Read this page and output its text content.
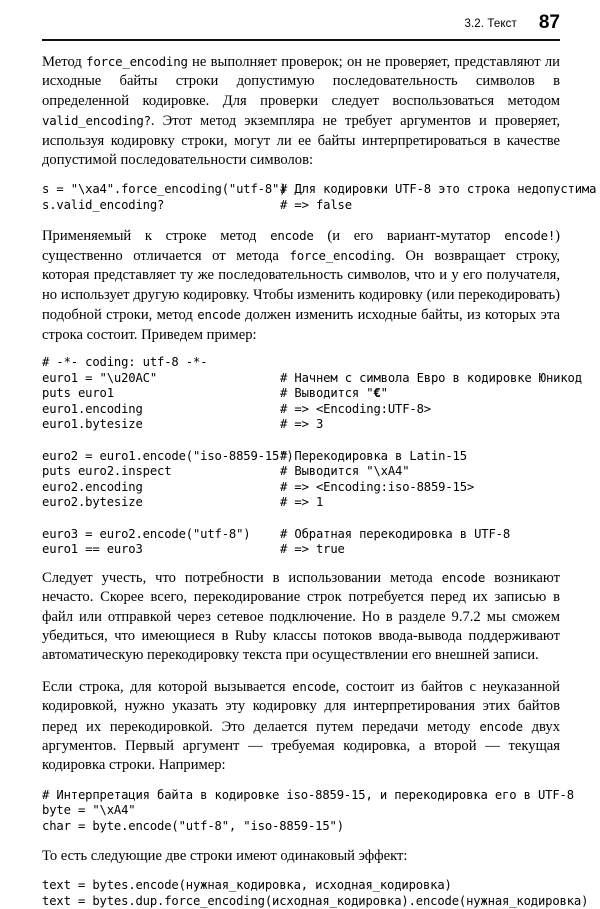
3.2. Текст 87

Метод force_encoding не выполняет проверок; он не проверяет, представляют ли исходные байты строки допустимую последовательность символов в определенной кодировке. Для проверки следует воспользоваться методом valid_encoding?. Этот метод экземпляра не требует аргументов и проверяет, используя кодировку строки, могут ли ее байты интерпретироваться в качестве допустимой последовательности символов:

s = "\xa4".force_encoding("utf-8")
# Для кодировки UTF-8 это строка недопустима
s.valid_encoding?	# => false

Применяемый к строке метод encode (и его вариант-мутатор encode!) существенно отличается от метода force_encoding. Он возвращает строку, которая представляет ту же последовательность символов, что и у его получателя, но использует другую кодировку. Чтобы изменить кодировку (или перекодировать) подобной строки, метод encode должен изменить исходные байты, из которых эта строка состоит. Приведем пример:

# -*- coding: utf-8 -*-
euro1 = "\u20AC"	# Начнем с символа Евро в кодировке Юникод
puts euro1	# Выводится "€"
euro1.encoding	# => <Encoding:UTF-8>
euro1.bytesize	# => 3

euro2 = euro1.encode("iso-8859-15")
# Перекодировка в Latin-15
puts euro2.inspect	# Выводится "\xA4"
euro2.encoding	# => <Encoding:iso-8859-15>
euro2.bytesize	# => 1

euro3 = euro2.encode("utf-8") # Обратная перекодировка в UTF-8
euro1 == euro3	# => true

Следует учесть, что потребности в использовании метода encode возникают нечасто. Скорее всего, перекодирование строк потребуется перед их записью в файл или отправкой через сетевое подключение. Но в разделе 9.7.2 мы сможем убедиться, что имеющиеся в Ruby классы потоков ввода-вывода поддерживают автоматическую перекодировку текста при осуществлении его внешней записи.

Если строка, для которой вызывается encode, состоит из байтов с неуказанной кодировкой, нужно указать эту кодировку для интерпретирования этих байтов перед их перекодировкой. Это делается путем передачи методу encode двух аргументов. Первый аргумент — требуемая кодировка, а второй — текущая кодировка строки. Например:

# Интерпретация байта в кодировке iso-8859-15, и перекодировка его в UTF-8
byte = "\xA4"
char = byte.encode("utf-8", "iso-8859-15")

То есть следующие две строки имеют одинаковый эффект:

text = bytes.encode(нужная_кодировка, исходная_кодировка)
text = bytes.dup.force_encoding(исходная_кодировка).encode(нужная_кодировка)
